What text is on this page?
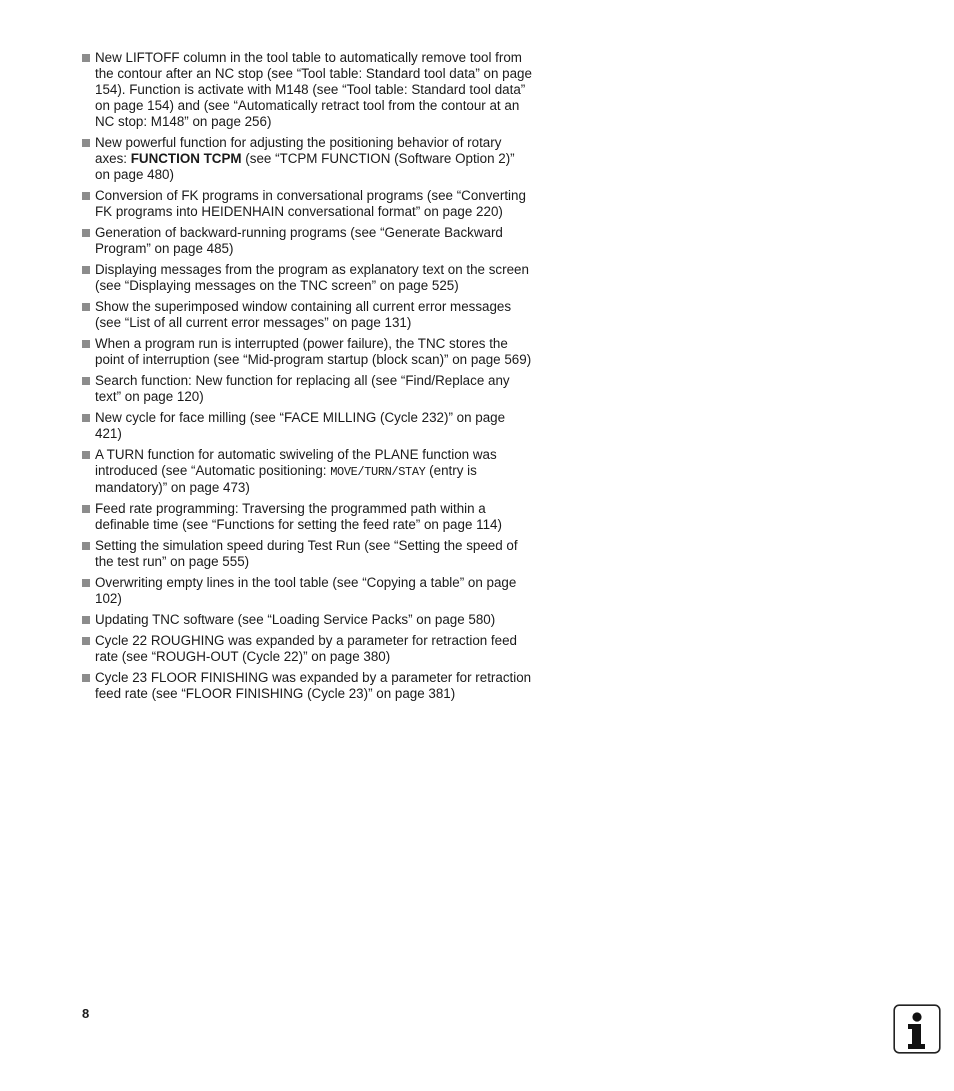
New LIFTOFF column in the tool table to automatically remove tool from the contour after an NC stop (see “Tool table: Standard tool data” on page 154). Function is activate with M148 (see “Tool table: Standard tool data” on page 154) and (see “Automatically retract tool from the contour at an NC stop: M148” on page 256)
New powerful function for adjusting the positioning behavior of rotary axes: FUNCTION TCPM (see “TCPM FUNCTION (Software Option 2)” on page 480)
Conversion of FK programs in conversational programs (see “Converting FK programs into HEIDENHAIN conversational format” on page 220)
Generation of backward-running programs (see “Generate Backward Program” on page 485)
Displaying messages from the program as explanatory text on the screen (see “Displaying messages on the TNC screen” on page 525)
Show the superimposed window containing all current error messages (see “List of all current error messages” on page 131)
When a program run is interrupted (power failure), the TNC stores the point of interruption (see “Mid-program startup (block scan)” on page 569)
Search function: New function for replacing all (see “Find/Replace any text” on page 120)
New cycle for face milling (see “FACE MILLING (Cycle 232)” on page 421)
A TURN function for automatic swiveling of the PLANE function was introduced (see “Automatic positioning: MOVE/TURN/STAY (entry is mandatory)” on page 473)
Feed rate programming: Traversing the programmed path within a definable time (see “Functions for setting the feed rate” on page 114)
Setting the simulation speed during Test Run (see “Setting the speed of the test run” on page 555)
Overwriting empty lines in the tool table (see “Copying a table” on page 102)
Updating TNC software (see “Loading Service Packs” on page 580)
Cycle 22 ROUGHING was expanded by a parameter for retraction feed rate (see “ROUGH-OUT (Cycle 22)” on page 380)
Cycle 23 FLOOR FINISHING was expanded by a parameter for retraction feed rate (see “FLOOR FINISHING (Cycle 23)” on page 381)
8
